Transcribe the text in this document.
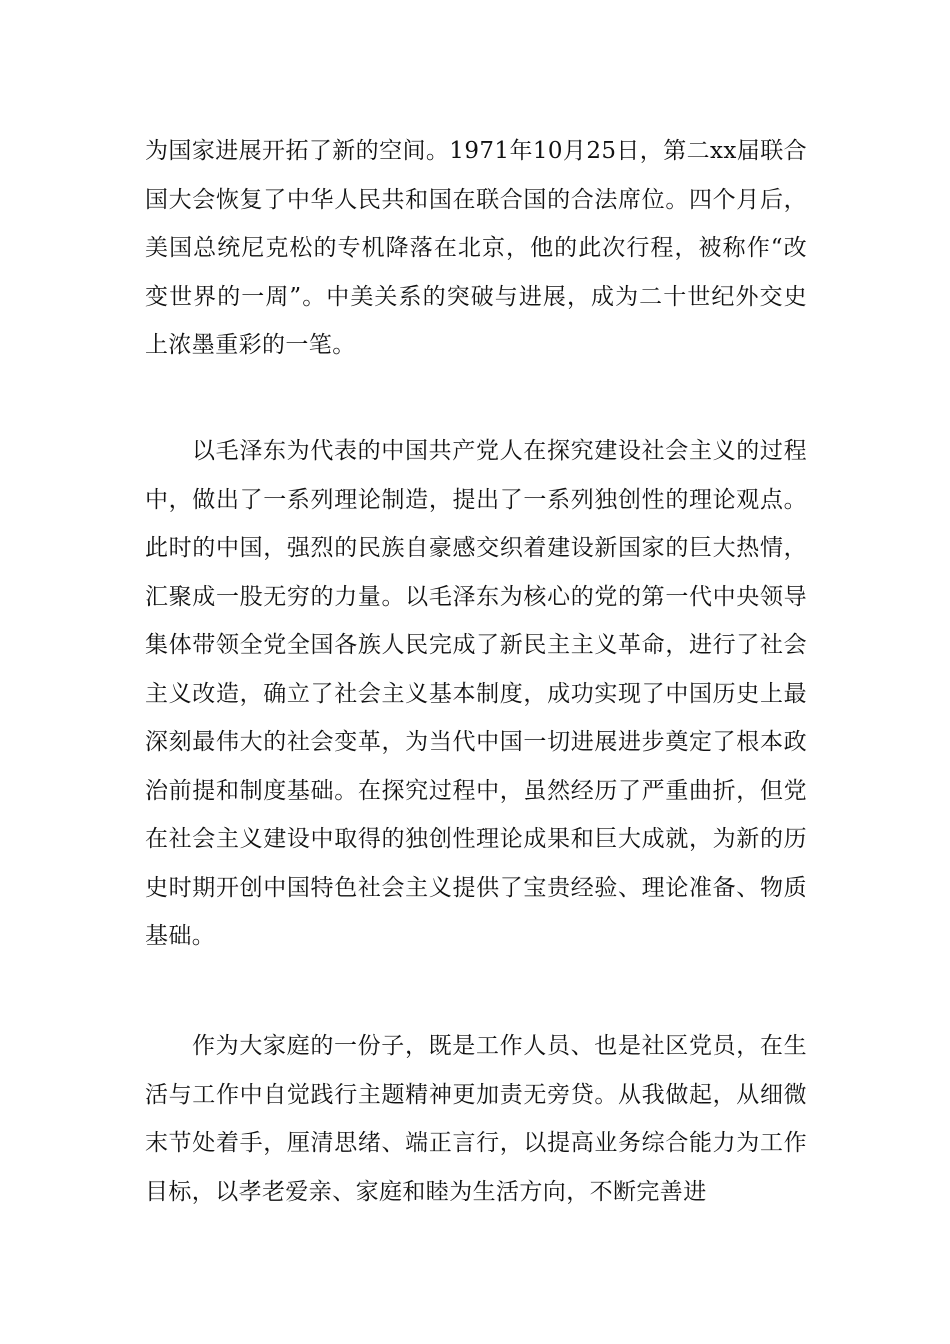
为国家进展开拓了新的空间。1971年10月25日，第二xx届联合国大会恢复了中华人民共和国在联合国的合法席位。四个月后，美国总统尼克松的专机降落在北京，他的此次行程，被称作“改变世界的一周”。中美关系的突破与进展，成为二十世纪外交史上浓墨重彩的一笔。

以毛泽东为代表的中国共产党人在探究建设社会主义的过程中，做出了一系列理论制造，提出了一系列独创性的理论观点。此时的中国，强烈的民族自豪感交织着建设新国家的巨大热情，汇聚成一股无穷的力量。以毛泽东为核心的党的第一代中央领导集体带领全党全国各族人民完成了新民主主义革命，进行了社会主义改造，确立了社会主义基本制度，成功实现了中国历史上最深刻最伟大的社会变革，为当代中国一切进展进步奠定了根本政治前提和制度基础。在探究过程中，虽然经历了严重曲折，但党在社会主义建设中取得的独创性理论成果和巨大成就，为新的历史时期开创中国特色社会主义提供了宝贵经验、理论准备、物质基础。

作为大家庭的一份子，既是工作人员、也是社区党员，在生活与工作中自觉践行主题精神更加责无旁贷。从我做起，从细微末节处着手，厘清思绪、端正言行，以提高业务综合能力为工作目标，以孝老爱亲、家庭和睦为生活方向，不断完善进
